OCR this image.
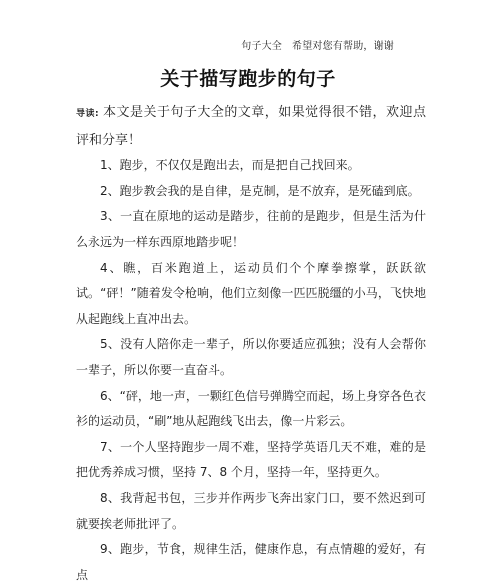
句子大全 希望对您有帮助，谢谢
关于描写跑步的句子

导读: 本文是关于句子大全的文章，如果觉得很不错，欢迎点评和分享！

1、跑步，不仅仅是跑出去，而是把自己找回来。

2、跑步教会我的是自律，是克制，是不放弃，是死磕到底。

3、一直在原地的运动是踏步，往前的是跑步，但是生活为什么永远为一样东西原地踏步呢！

4、瞧，百米跑道上，运动员们个个摩拳擦掌，跃跃欲试。“砰！”随着发令枪响，他们立刻像一匹匹脱缰的小马，飞快地从起跑线上直冲出去。

5、没有人陪你走一辈子，所以你要适应孤独；没有人会帮你一辈子，所以你要一直奋斗。

6、“砰，地一声，一颗红色信号弹腾空而起，场上身穿各色衣衫的运动员，“刷”地从起跑线飞出去，像一片彩云。

7、一个人坚持跑步一周不难，坚持学英语几天不难，难的是把优秀养成习惯，坚持 7、8 个月，坚持一年，坚持更久。

8、我背起书包，三步并作两步飞奔出家门口，要不然迟到可就要挨老师批评了。

9、跑步，节食，规律生活，健康作息，有点情趣的爱好，有点
